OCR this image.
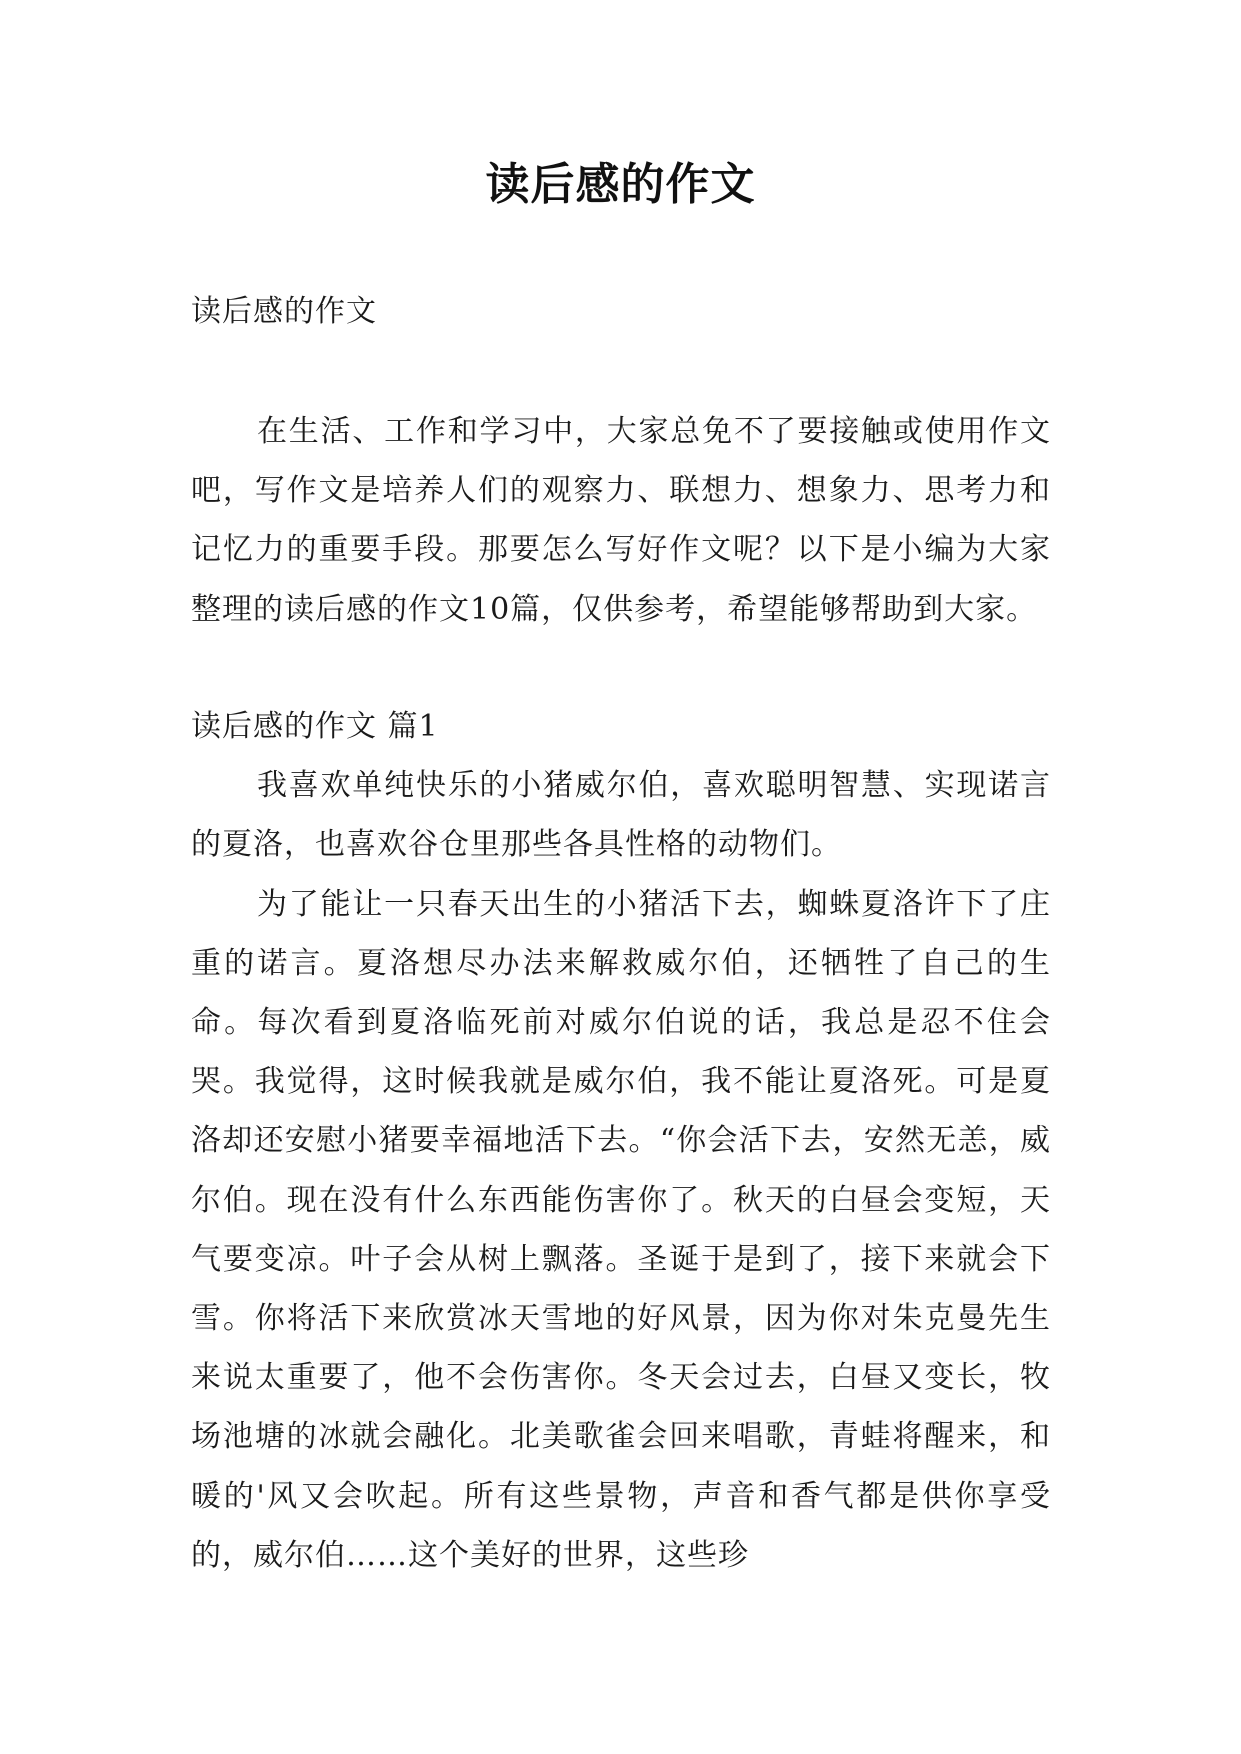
读后感的作文
读后感的作文

在生活、工作和学习中，大家总免不了要接触或使用作文吧，写作文是培养人们的观察力、联想力、想象力、思考力和记忆力的重要手段。那要怎么写好作文呢？以下是小编为大家整理的读后感的作文10篇，仅供参考，希望能够帮助到大家。

读后感的作文 篇1

我喜欢单纯快乐的小猪威尔伯，喜欢聪明智慧、实现诺言的夏洛，也喜欢谷仓里那些各具性格的动物们。

为了能让一只春天出生的小猪活下去，蜘蛛夏洛许下了庄重的诺言。夏洛想尽办法来解救威尔伯，还牺牲了自己的生命。每次看到夏洛临死前对威尔伯说的话，我总是忍不住会哭。我觉得，这时候我就是威尔伯，我不能让夏洛死。可是夏洛却还安慰小猪要幸福地活下去。“你会活下去，安然无恙，威尔伯。现在没有什么东西能伤害你了。秋天的白昼会变短，天气要变凉。叶子会从树上飘落。圣诞于是到了，接下来就会下雪。你将活下来欣赏冰天雪地的好风景，因为你对朱克曼先生来说太重要了，他不会伤害你。冬天会过去，白昼又变长，牧场池塘的冰就会融化。北美歌雀会回来唱歌，青蛙将醒来，和暖的'风又会吹起。所有这些景物，声音和香气都是供你享受的，威尔伯……这个美好的世界，这些珍
